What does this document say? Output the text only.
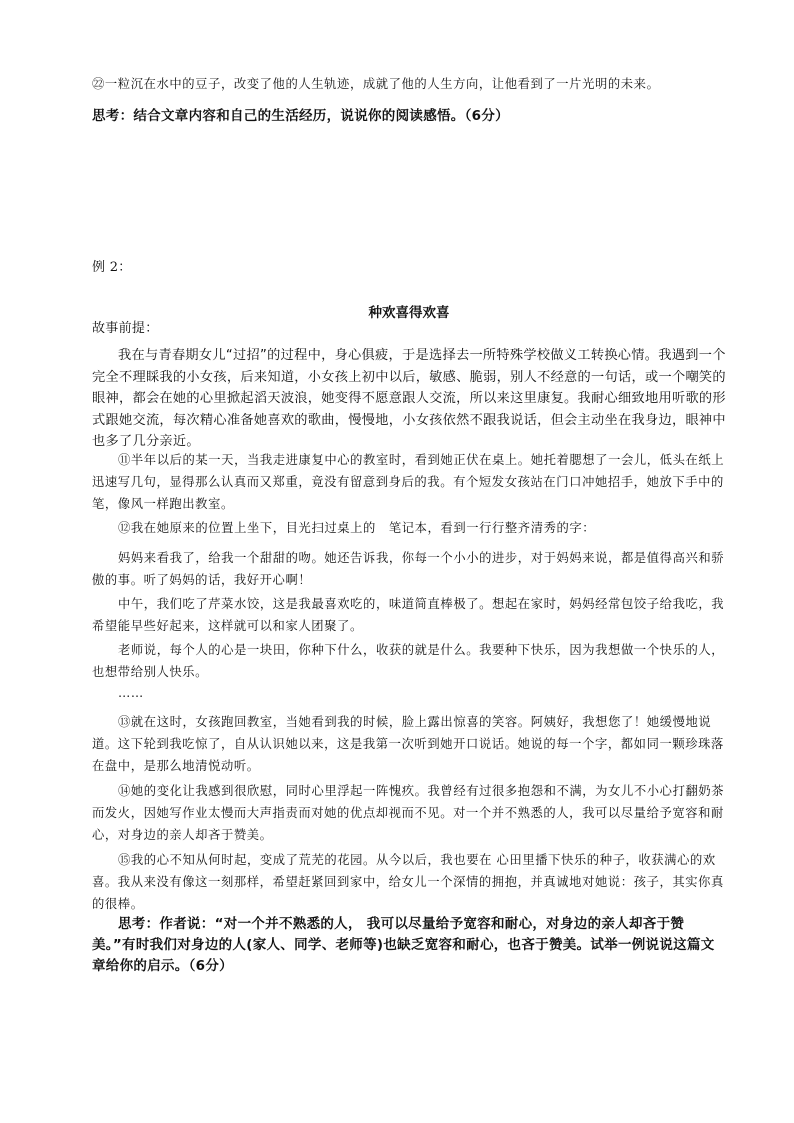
㉒一粒沉在水中的豆子，改变了他的人生轨迹，成就了他的人生方向，让他看到了一片光明的未来。

思考：结合文章内容和自己的生活经历，说说你的阅读感悟。（6分）

例 2：

种欢喜得欢喜

故事前提：

我在与青春期女儿“过招”的过程中，身心俱疲，于是选择去一所特殊学校做义工转换心情。我遇到一个完全不理睬我的小女孩，后来知道，小女孩上初中以后，敏感、脆弱，别人不经意的一句话，或一个嘲笑的眼神，都会在她的心里掀起滔天波浪，她变得不愿意跟人交流，所以来这里康复。我耐心细致地用听歌的形式跟她交流，每次精心准备她喜欢的歌曲，慢慢地，小女孩依然不跟我说话，但会主动坐在我身边，眼神中也多了几分亲近。

⑪半年以后的某一天，当我走进康复中心的教室时，看到她正伏在桌上。她托着腮想了一会儿，低头在纸上迅速写几句，显得那么认真而又郑重，竟没有留意到身后的我。有个短发女孩站在门口冲她招手，她放下手中的笔，像风一样跑出教室。

⑫我在她原来的位置上坐下，目光扫过桌上的　笔记本，看到一行行整齐清秀的字：

妈妈来看我了，给我一个甜甜的吻。她还告诉我，你每一个小小的进步，对于妈妈来说，都是值得高兴和骄傲的事。听了妈妈的话，我好开心啊！

中午，我们吃了芹菜水饺，这是我最喜欢吃的，味道简直棒极了。想起在家时，妈妈经常包饺子给我吃，我希望能早些好起来，这样就可以和家人团聚了。

老师说，每个人的心是一块田，你种下什么，收获的就是什么。我要种下快乐，因为我想做一个快乐的人，也想带给别人快乐。

……

⑬就在这时，女孩跑回教室，当她看到我的时候，脸上露出惊喜的笑容。阿姨好，我想您了！她缓慢地说道。这下轮到我吃惊了，自从认识她以来，这是我第一次听到她开口说话。她说的每一个字，都如同一颗珍珠落在盘中，是那么地清悦动听。

⑭她的变化让我感到很欣慰，同时心里浮起一阵愧疚。我曾经有过很多抱怨和不满，为女儿不小心打翻奶茶而发火，因她写作业太慢而大声指责而对她的优点却视而不见。对一个并不熟悉的人，我可以尽量给予宽容和耐心，对身边的亲人却吝于赞美。

⑮我的心不知从何时起，变成了荒芜的花园。从今以后，我也要在 心田里播下快乐的种子，收获满心的欢喜。我从来没有像这一刻那样，希望赶紧回到家中，给女儿一个深情的拥抱，并真诚地对她说：孩子，其实你真的很棒。

思考：作者说：“对一个并不熟悉的人， 我可以尽量给予宽容和耐心，对身边的亲人却吝于赞美。”有时我们对身边的人(家人、同学、老师等)也缺乏宽容和耐心，也吝于赞美。试举一例说说这篇文章给你的启示。（6分）
